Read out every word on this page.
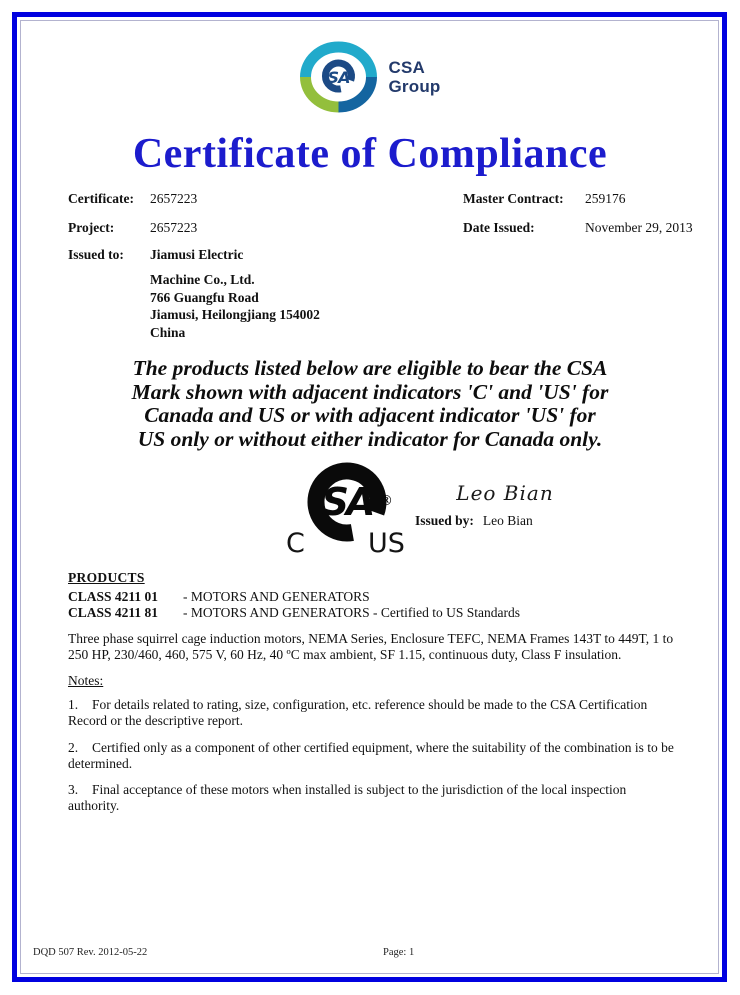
SA
CSA
Group
Certificate of Compliance
Certificate: 2657223	Master Contract: 259176
Project:	2657223	Date Issued:	November 29, 2013
Issued to: Jiamusi Electric
Machine Co., Ltd.
766 Guangfu Road
Jiamusi, Heilongjiang 154002
China
The products listed below are eligible to bear the CSA
Mark shown with adjacent indicators 'C' and 'US' for
Canada and US or with adjacent indicator 'US' for
US only or without either indicator for Canada only.
SA ®
C US
Leo Bian
Issued by: Leo Bian
PRODUCTS
CLASS 4211 01	- MOTORS AND GENERATORS
CLASS 4211 81	- MOTORS AND GENERATORS - Certified to US Standards
Three phase squirrel cage induction motors, NEMA Series, Enclosure TEFC, NEMA Frames 143T to 449T, 1 to 250 HP, 230/460, 460, 575 V, 60 Hz, 40 ºC max ambient, SF 1.15, continuous duty, Class F insulation.
Notes:
1. For details related to rating, size, configuration, etc. reference should be made to the CSA Certification Record or the descriptive report.
2. Certified only as a component of other certified equipment, where the suitability of the combination is to be determined.
3. Final acceptance of these motors when installed is subject to the jurisdiction of the local inspection authority.
DQD 507 Rev. 2012-05-22	Page: 1
